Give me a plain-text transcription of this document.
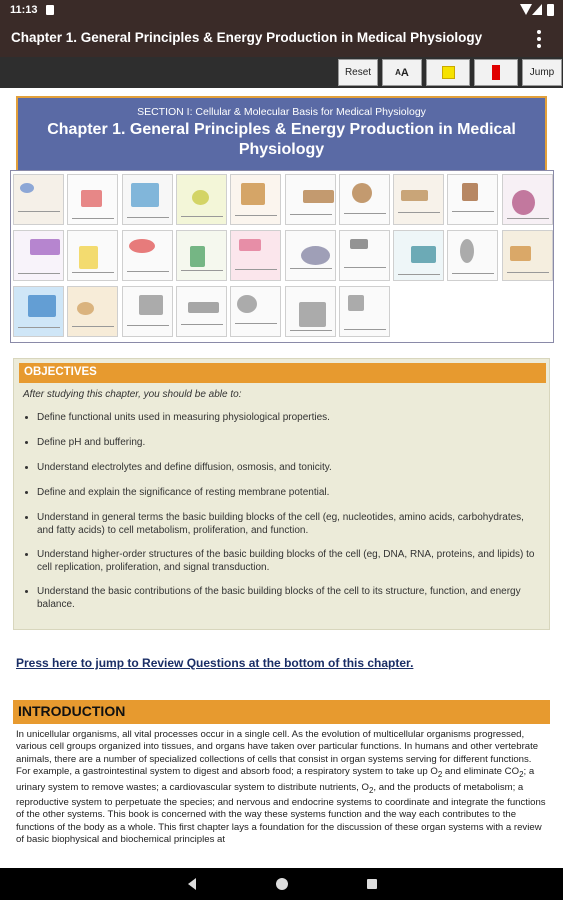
11:13
Chapter 1. General Principles & Energy Production in Medical Physiology
Reset	A A	Jump
SECTION I: Cellular & Molecular Basis for Medical Physiology
Chapter 1. General Principles & Energy Production in Medical Physiology
OBJECTIVES
After studying this chapter, you should be able to:
Define functional units used in measuring physiological properties.
Define pH and buffering.
Understand electrolytes and define diffusion, osmosis, and tonicity.
Define and explain the significance of resting membrane potential.
Understand in general terms the basic building blocks of the cell (eg, nucleotides, amino acids, carbohydrates, and fatty acids) to cell metabolism, proliferation, and function.
Understand higher-order structures of the basic building blocks of the cell (eg, DNA, RNA, proteins, and lipids) to cell replication, proliferation, and signal transduction.
Understand the basic contributions of the basic building blocks of the cell to its structure, function, and energy balance.
Press here to jump to Review Questions at the bottom of this chapter.
INTRODUCTION
In unicellular organisms, all vital processes occur in a single cell. As the evolution of multicellular organisms progressed, various cell groups organized into tissues, and organs have taken over particular functions. In humans and other vertebrate animals, there are a number of specialized collections of cells that consist in organ systems serving for different functions. For example, a gastrointestinal system to digest and absorb food; a respiratory system to take up $O_2$ and eliminate $CO_2$; a urinary system to remove wastes; a cardiovascular system to distribute nutrients, $O_2$, and the products of metabolism; a reproductive system to perpetuate the species; and nervous and endocrine systems to coordinate and integrate the functions of the other systems. This book is concerned with the way these systems function and the way each contributes to the functions of the body as a whole. This first chapter lays a foundation for the discussion of these organ systems with a review of basic biophysical and biochemical principles at
